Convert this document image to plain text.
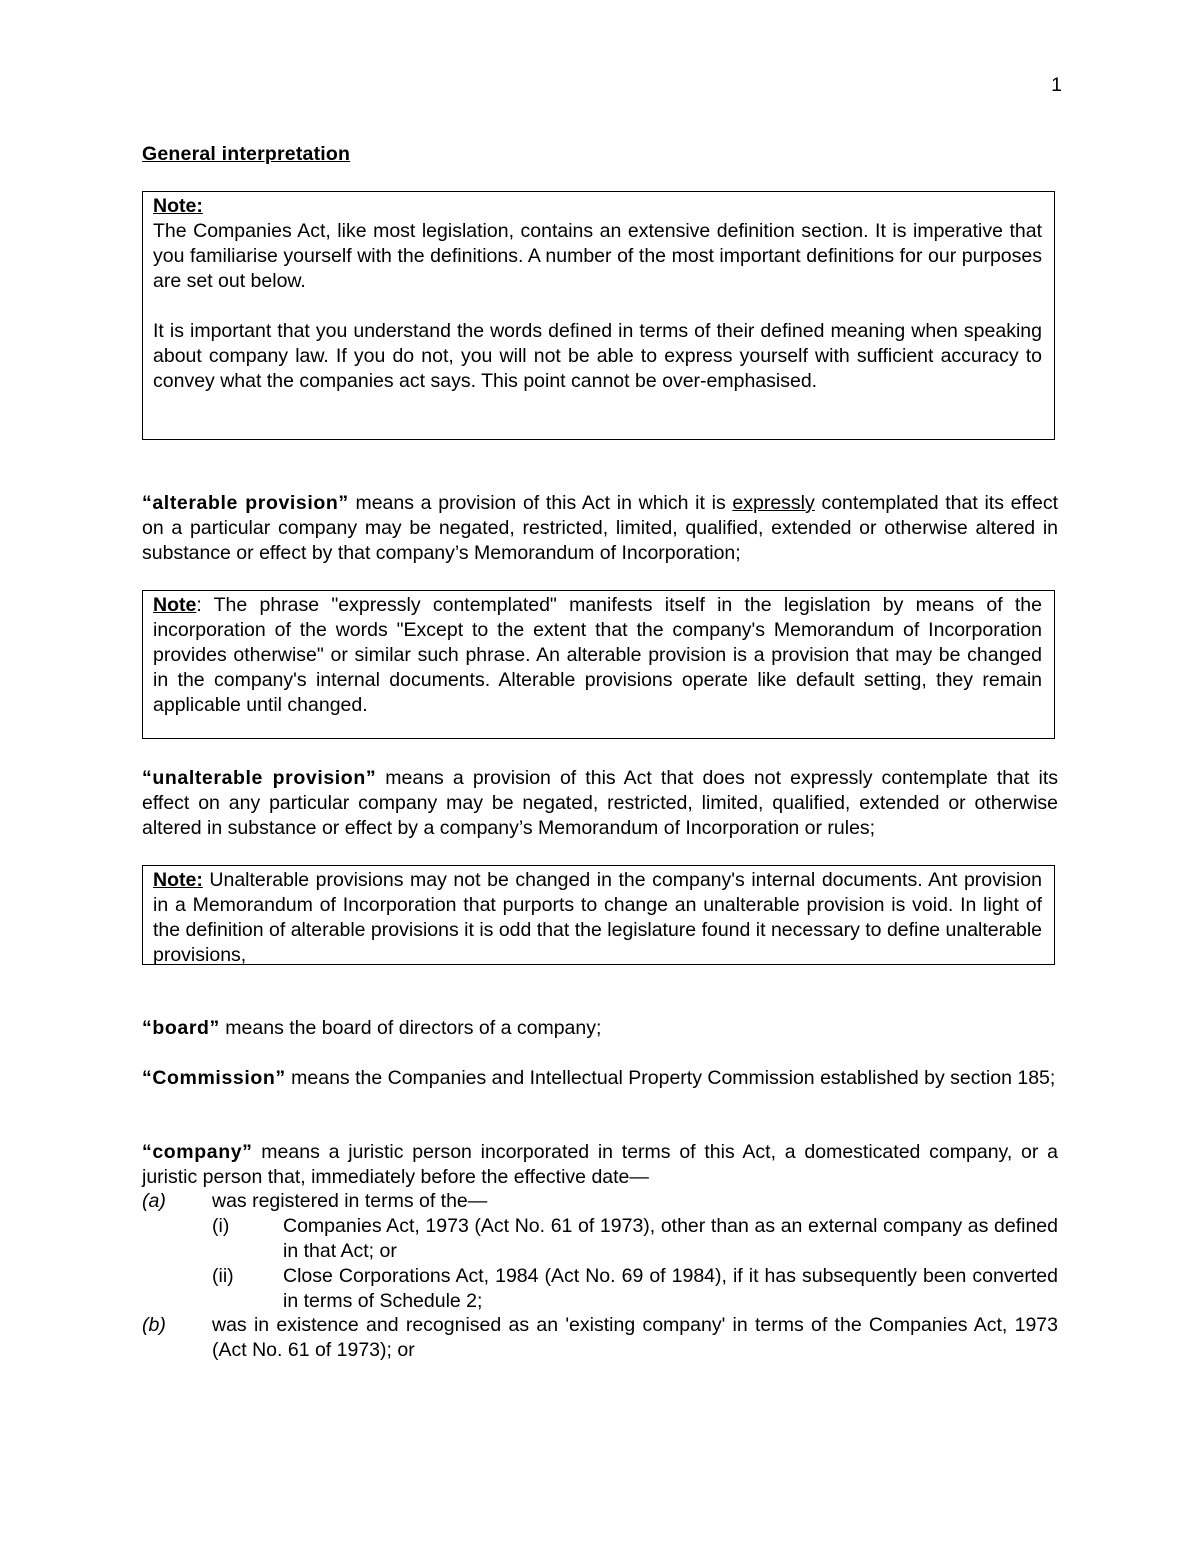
1
General interpretation

Note:

The Companies Act, like most legislation, contains an extensive definition section. It is imperative that you familiarise yourself with the definitions. A number of the most important definitions for our purposes are set out below.

It is important that you understand the words defined in terms of their defined meaning when speaking about company law. If you do not, you will not be able to express yourself with sufficient accuracy to convey what the companies act says. This point cannot be over-emphasised.

“alterable provision” means a provision of this Act in which it is expressly contemplated that its effect on a particular company may be negated, restricted, limited, qualified, extended or otherwise altered in substance or effect by that company’s Memorandum of Incorporation;

Note: The phrase "expressly contemplated" manifests itself in the legislation by means of the incorporation of the words "Except to the extent that the company's Memorandum of Incorporation provides otherwise" or similar such phrase. An alterable provision is a provision that may be changed in the company's internal documents. Alterable provisions operate like default setting, they remain applicable until changed.

“unalterable provision” means a provision of this Act that does not expressly contemplate that its effect on any particular company may be negated, restricted, limited, qualified, extended or otherwise altered in substance or effect by a company’s Memorandum of Incorporation or rules;

Note: Unalterable provisions may not be changed in the company's internal documents. Ant provision in a Memorandum of Incorporation that purports to change an unalterable provision is void. In light of the definition of alterable provisions it is odd that the legislature found it necessary to define unalterable provisions,

“board” means the board of directors of a company;

“Commission” means the Companies and Intellectual Property Commission established by section 185;

“company” means a juristic person incorporated in terms of this Act, a domesticated company, or a juristic person that, immediately before the effective date—

(a) was registered in terms of the—
(i)	Companies Act, 1973 (Act No. 61 of 1973), other than as an external company as defined in that Act; or
(ii)	Close Corporations Act, 1984 (Act No. 69 of 1984), if it has subsequently been converted in terms of Schedule 2;
(b) was in existence and recognised as an 'existing company' in terms of the Companies Act, 1973 (Act No. 61 of 1973); or
